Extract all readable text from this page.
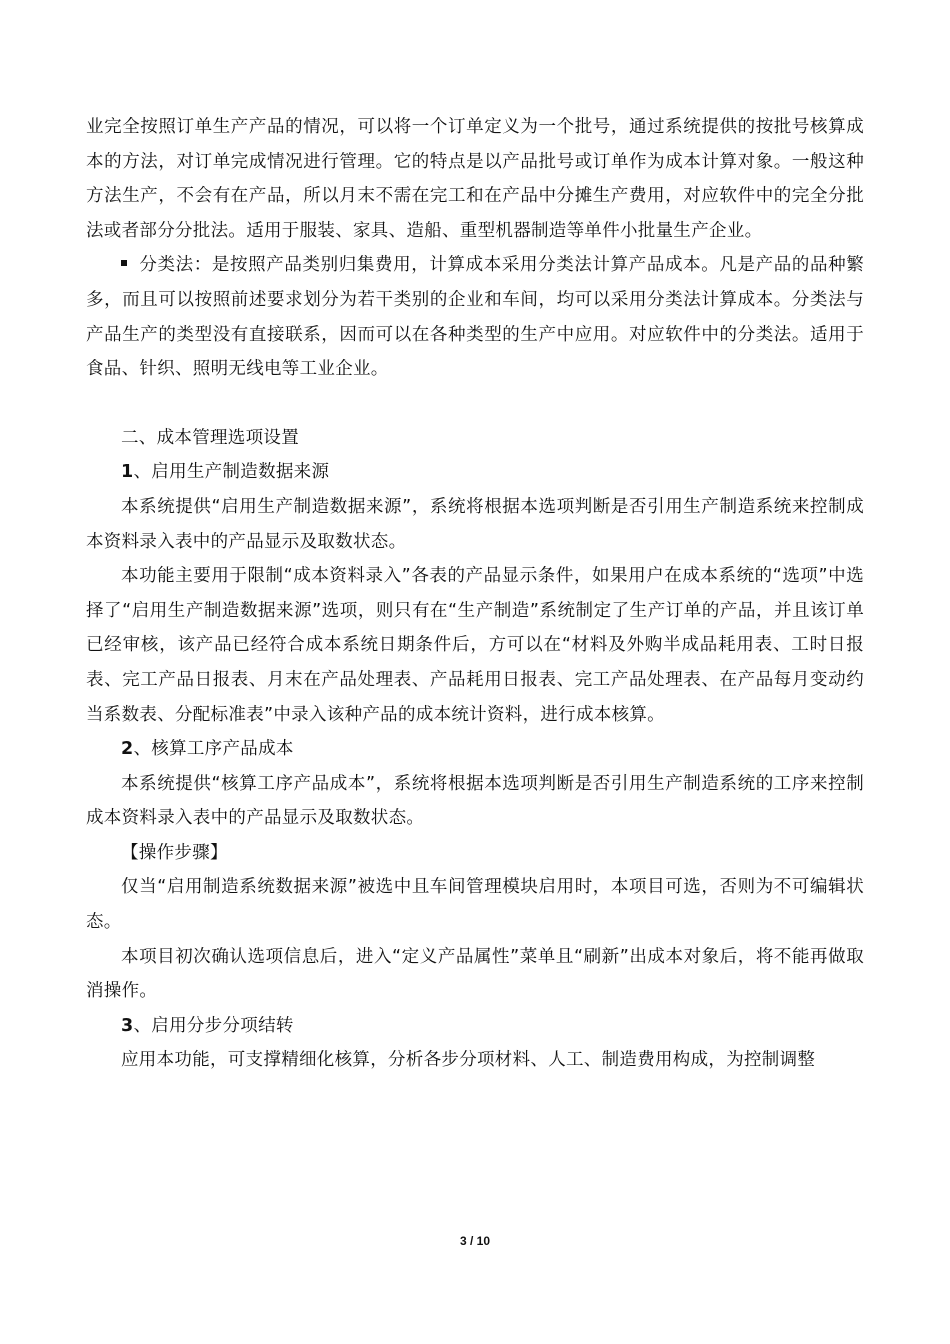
业完全按照订单生产产品的情况，可以将一个订单定义为一个批号，通过系统提供的按批号核算成本的方法，对订单完成情况进行管理。它的特点是以产品批号或订单作为成本计算对象。一般这种方法生产，不会有在产品，所以月末不需在完工和在产品中分摊生产费用，对应软件中的完全分批法或者部分分批法。适用于服装、家具、造船、重型机器制造等单件小批量生产企业。

分类法：是按照产品类别归集费用，计算成本采用分类法计算产品成本。凡是产品的品种繁多，而且可以按照前述要求划分为若干类别的企业和车间，均可以采用分类法计算成本。分类法与产品生产的类型没有直接联系，因而可以在各种类型的生产中应用。对应软件中的分类法。适用于食品、针织、照明无线电等工业企业。

二、成本管理选项设置

1、启用生产制造数据来源

本系统提供“启用生产制造数据来源”，系统将根据本选项判断是否引用生产制造系统来控制成本资料录入表中的产品显示及取数状态。

本功能主要用于限制“成本资料录入”各表的产品显示条件，如果用户在成本系统的“选项”中选择了“启用生产制造数据来源”选项，则只有在“生产制造”系统制定了生产订单的产品，并且该订单已经审核，该产品已经符合成本系统日期条件后，方可以在“材料及外购半成品耗用表、工时日报表、完工产品日报表、月末在产品处理表、产品耗用日报表、完工产品处理表、在产品每月变动约当系数表、分配标准表”中录入该种产品的成本统计资料，进行成本核算。

2、核算工序产品成本

本系统提供“核算工序产品成本”，系统将根据本选项判断是否引用生产制造系统的工序来控制成本资料录入表中的产品显示及取数状态。

【操作步骤】

仅当“启用制造系统数据来源”被选中且车间管理模块启用时，本项目可选，否则为不可编辑状态。

本项目初次确认选项信息后，进入“定义产品属性”菜单且“刷新”出成本对象后，将不能再做取消操作。

3、启用分步分项结转

应用本功能，可支撑精细化核算，分析各步分项材料、人工、制造费用构成，为控制调整

3 / 10
